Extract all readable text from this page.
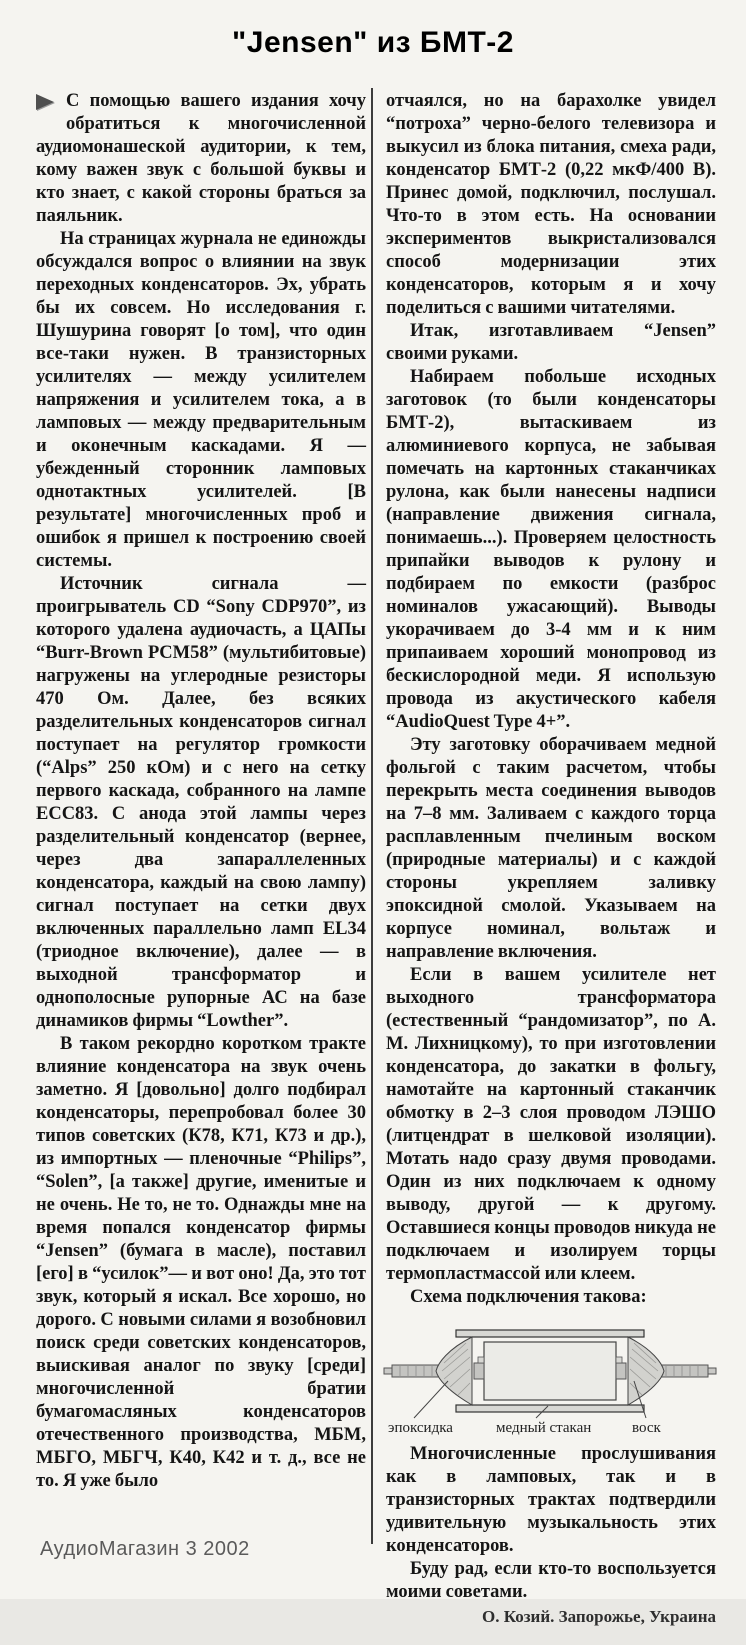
"Jensen" из БМТ-2

С помощью вашего издания хочу обратиться к многочисленной аудиомонашеской аудитории, к тем, кому важен звук с большой буквы и кто знает, с какой стороны браться за паяльник.

На страницах журнала не единожды обсуждался вопрос о влиянии на звук переходных конденсаторов. Эх, убрать бы их совсем. Но исследования г. Шушурина говорят [о том], что один все-таки нужен. В транзисторных усилителях — между усилителем напряжения и усилителем тока, а в ламповых — между предварительным и оконечным каскадами. Я — убежденный сторонник ламповых однотактных усилителей. [В результате] многочисленных проб и ошибок я пришел к построению своей системы.

Источник сигнала — проигрыватель CD “Sony CDP970”, из которого удалена аудиочасть, а ЦАПы “Burr-Brown PCM58” (мультибитовые) нагружены на углеродные резисторы 470 Ом. Далее, без всяких разделительных конденсаторов сигнал поступает на регулятор громкости (“Alps” 250 кОм) и с него на сетку первого каскада, собранного на лампе ECC83. С анода этой лампы через разделительный конденсатор (вернее, через два запараллеленных конденсатора, каждый на свою лампу) сигнал поступает на сетки двух включенных параллельно ламп EL34 (триодное включение), далее — в выходной трансформатор и однополосные рупорные АС на базе динамиков фирмы “Lowther”.

В таком рекордно коротком тракте влияние конденсатора на звук очень заметно. Я [довольно] долго подбирал конденсаторы, перепробовал более 30 типов советских (К78, К71, К73 и др.), из импортных — пленочные “Philips”, “Solen”, [а также] другие, именитые и не очень. Не то, не то. Однажды мне на время попался конденсатор фирмы “Jensen” (бумага в масле), поставил [его] в “усилок”— и вот оно! Да, это тот звук, который я искал. Все хорошо, но дорого. С новыми силами я возобновил поиск среди советских конденсаторов, выискивая аналог по звуку [среди] многочисленной братии бумагомасляных конденсаторов отечественного производства, МБМ, МБГО, МБГЧ, К40, К42 и т. д., все не то. Я уже было

отчаялся, но на барахолке увидел “потроха” черно-белого телевизора и выкусил из блока питания, смеха ради, конденсатор БМТ-2 (0,22 мкФ/400 В). Принес домой, подключил, послушал. Что-то в этом есть. На основании экспериментов выкристализовался способ модернизации этих конденсаторов, которым я и хочу поделиться с вашими читателями.

Итак, изготавливаем “Jensen” своими руками.

Набираем побольше исходных заготовок (то были конденсаторы БМТ-2), вытаскиваем из алюминиевого корпуса, не забывая помечать на картонных стаканчиках рулона, как были нанесены надписи (направление движения сигнала, понимаешь...). Проверяем целостность припайки выводов к рулону и подбираем по емкости (разброс номиналов ужасающий). Выводы укорачиваем до 3-4 мм и к ним припаиваем хороший монопровод из бескислородной меди. Я использую провода из акустического кабеля “AudioQuest Type 4+”.

Эту заготовку оборачиваем медной фольгой с таким расчетом, чтобы перекрыть места соединения выводов на 7–8 мм. Заливаем с каждого торца расплавленным пчелиным воском (природные материалы) и с каждой стороны укрепляем заливку эпоксидной смолой. Указываем на корпусе номинал, вольтаж и направление включения.

Если в вашем усилителе нет выходного трансформатора (естественный “рандомизатор”, по А. М. Лихницкому), то при изготовлении конденсатора, до закатки в фольгу, намотайте на картонный стаканчик обмотку в 2–3 слоя проводом ЛЭШО (литцендрат в шелковой изоляции). Мотать надо сразу двумя проводами. Один из них подключаем к одному выводу, другой — к другому. Оставшиеся концы проводов никуда не подключаем и изолируем торцы термопластмассой или клеем.

Схема подключения такова:

эпоксидка	медный стакан	воск

Многочисленные прослушивания как в ламповых, так и в транзисторных трактах подтвердили удивительную музыкальность этих конденсаторов.

Буду рад, если кто-то воспользуется моими советами.

О. Козий. Запорожье, Украина

АудиоМагазин 3 2002
